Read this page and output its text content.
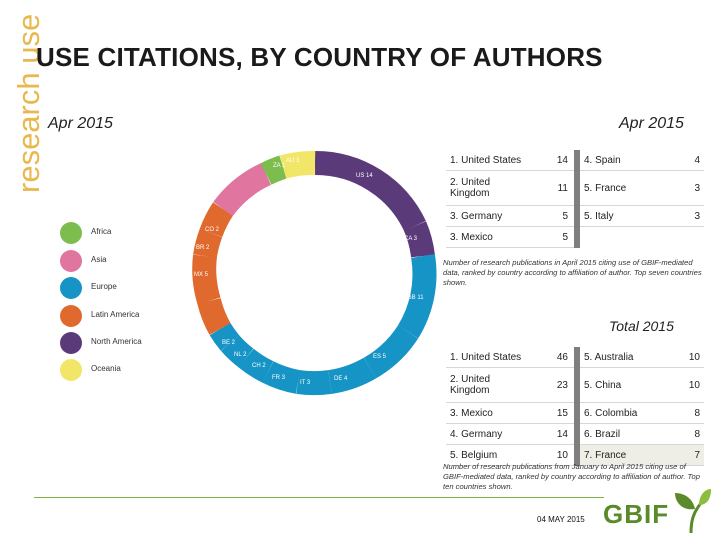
research use
USE CITATIONS, BY COUNTRY OF AUTHORS
Apr 2015	Apr 2015
Africa
Asia
Europe
Latin America
North America
Oceania
US 14
CA 3
GB 11
ES 5
DE 4
IT 3
FR 3
CH 2
NL 2
BE 2
MX 5
BR 2
CO 2
AU 3
ZA 1
1. United States	14		4. Spain	4
2. United Kingdom	11		5. France	3
3. Germany	5		5. Italy	3
3. Mexico	5			
Number of research publications in April 2015 citing use of GBIF-mediated data, ranked by country according to affiliation of author. Top seven countries shown.
Total 2015
1. United States	46		5. Australia	10
2. United Kingdom	23		5. China	10
3. Mexico	15		6. Colombia	8
4. Germany	14		6. Brazil	8
5. Belgium	10		7. France	7
Number of research publications from January to April 2015 citing use of GBIF-mediated data, ranked by country according to affiliation of author. Top ten countries shown.
04 MAY 2015 GBIF
